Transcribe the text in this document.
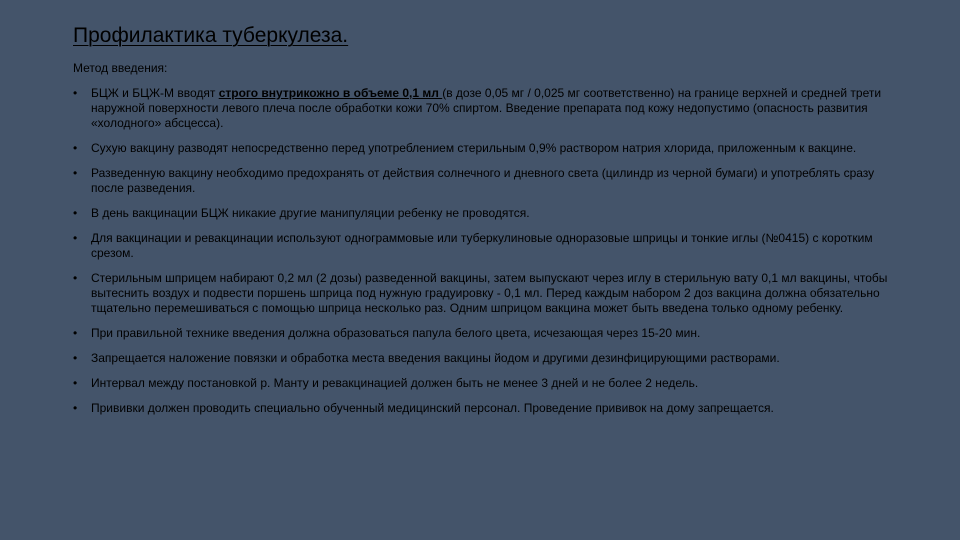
Профилактика туберкулеза.

Метод введения:

• БЦЖ и БЦЖ-М вводят строго внутрикожно в объеме 0,1 мл (в дозе 0,05 мг / 0,025 мг соответственно) на границе верхней и средней трети наружной поверхности левого плеча после обработки кожи 70% спиртом. Введение препарата под кожу недопустимо (опасность развития «холодного» абсцесса).
• Сухую вакцину разводят непосредственно перед употреблением стерильным 0,9% раствором натрия хлорида, приложенным к вакцине.
• Разведенную вакцину необходимо предохранять от действия солнечного и дневного света (цилиндр из черной бумаги) и употреблять сразу после разведения.
• В день вакцинации БЦЖ никакие другие манипуляции ребенку не проводятся.
• Для вакцинации и ревакцинации используют однограммовые или туберкулиновые одноразовые шприцы и тонкие иглы (№0415) с коротким срезом.
• Стерильным шприцем набирают 0,2 мл (2 дозы) разведенной вакцины, затем выпускают через иглу в стерильную вату 0,1 мл вакцины, чтобы вытеснить воздух и подвести поршень шприца под нужную градуировку - 0,1 мл. Перед каждым набором 2 доз вакцина должна обязательно тщательно перемешиваться с помощью шприца несколько раз. Одним шприцом вакцина может быть введена только одному ребенку.
• При правильной технике введения должна образоваться папула белого цвета, исчезающая через 15-20 мин.
• Запрещается наложение повязки и обработка места введения вакцины йодом и другими дезинфицирующими растворами.
• Интервал между постановкой р. Манту и ревакцинацией должен быть не менее 3 дней и не более 2 недель.
• Прививки должен проводить специально обученный медицинский персонал. Проведение прививок на дому запрещается.
